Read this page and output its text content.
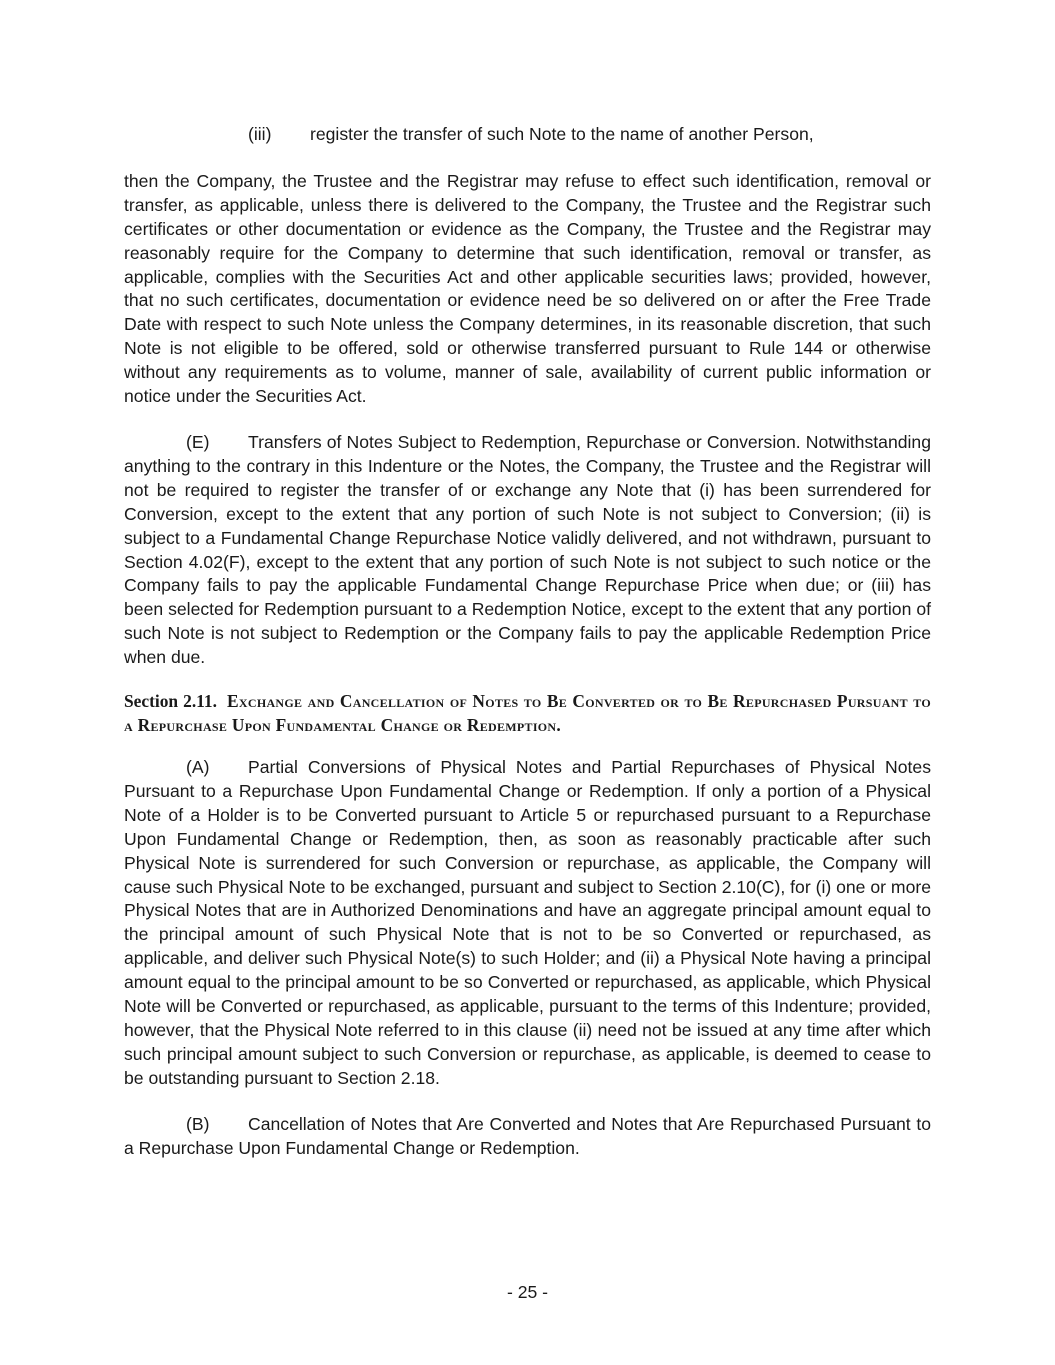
(iii) register the transfer of such Note to the name of another Person,

then the Company, the Trustee and the Registrar may refuse to effect such identification, removal or transfer, as applicable, unless there is delivered to the Company, the Trustee and the Registrar such certificates or other documentation or evidence as the Company, the Trustee and the Registrar may reasonably require for the Company to determine that such identification, removal or transfer, as applicable, complies with the Securities Act and other applicable securities laws; provided, however, that no such certificates, documentation or evidence need be so delivered on or after the Free Trade Date with respect to such Note unless the Company determines, in its reasonable discretion, that such Note is not eligible to be offered, sold or otherwise transferred pursuant to Rule 144 or otherwise without any requirements as to volume, manner of sale, availability of current public information or notice under the Securities Act.

(E) Transfers of Notes Subject to Redemption, Repurchase or Conversion. Notwithstanding anything to the contrary in this Indenture or the Notes, the Company, the Trustee and the Registrar will not be required to register the transfer of or exchange any Note that (i) has been surrendered for Conversion, except to the extent that any portion of such Note is not subject to Conversion; (ii) is subject to a Fundamental Change Repurchase Notice validly delivered, and not withdrawn, pursuant to Section 4.02(F), except to the extent that any portion of such Note is not subject to such notice or the Company fails to pay the applicable Fundamental Change Repurchase Price when due; or (iii) has been selected for Redemption pursuant to a Redemption Notice, except to the extent that any portion of such Note is not subject to Redemption or the Company fails to pay the applicable Redemption Price when due.

Section 2.11. Exchange and Cancellation of Notes to Be Converted or to Be Repurchased Pursuant to a Repurchase Upon Fundamental Change or Redemption.

(A) Partial Conversions of Physical Notes and Partial Repurchases of Physical Notes Pursuant to a Repurchase Upon Fundamental Change or Redemption. If only a portion of a Physical Note of a Holder is to be Converted pursuant to Article 5 or repurchased pursuant to a Repurchase Upon Fundamental Change or Redemption, then, as soon as reasonably practicable after such Physical Note is surrendered for such Conversion or repurchase, as applicable, the Company will cause such Physical Note to be exchanged, pursuant and subject to Section 2.10(C), for (i) one or more Physical Notes that are in Authorized Denominations and have an aggregate principal amount equal to the principal amount of such Physical Note that is not to be so Converted or repurchased, as applicable, and deliver such Physical Note(s) to such Holder; and (ii) a Physical Note having a principal amount equal to the principal amount to be so Converted or repurchased, as applicable, which Physical Note will be Converted or repurchased, as applicable, pursuant to the terms of this Indenture; provided, however, that the Physical Note referred to in this clause (ii) need not be issued at any time after which such principal amount subject to such Conversion or repurchase, as applicable, is deemed to cease to be outstanding pursuant to Section 2.18.

(B) Cancellation of Notes that Are Converted and Notes that Are Repurchased Pursuant to a Repurchase Upon Fundamental Change or Redemption.

- 25 -
